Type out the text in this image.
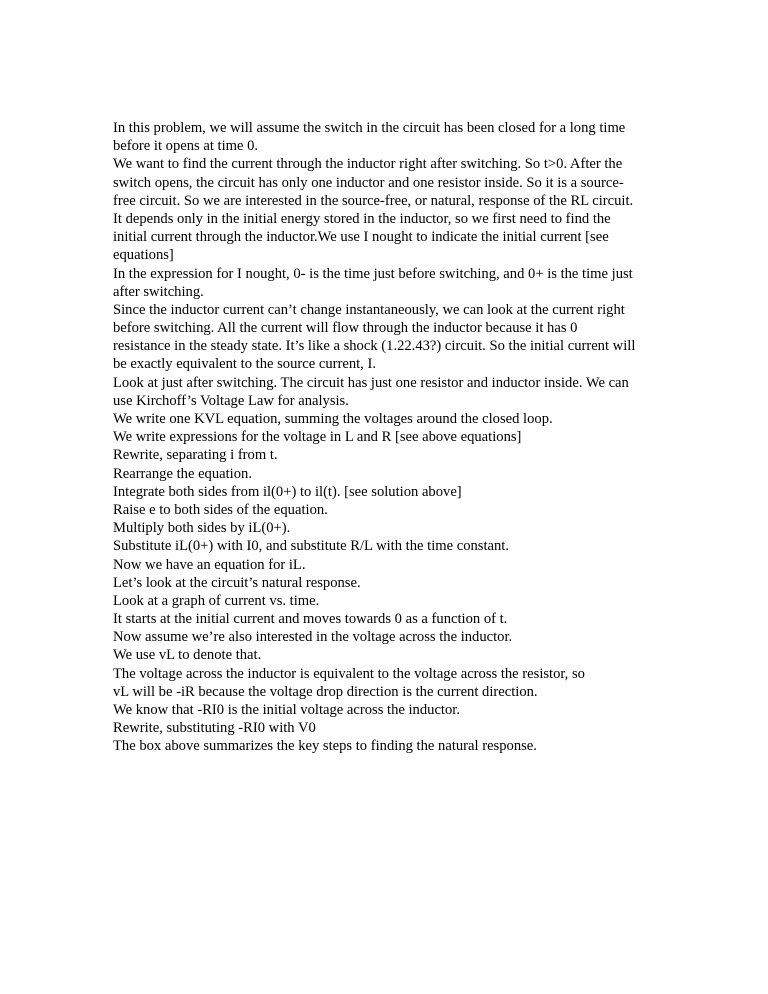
In this problem, we will assume the switch in the circuit has been closed for a long time
before it opens at time 0.
We want to find the current through the inductor right after switching. So t>0. After the
switch opens, the circuit has only one inductor and one resistor inside. So it is a source-
free circuit. So we are interested in the source-free, or natural, response of the RL circuit.
It depends only in the initial energy stored in the inductor, so we first need to find the
initial current through the inductor.We use I nought to indicate the initial current [see
equations]
In the expression for I nought, 0- is the time just before switching, and 0+ is the time just
after switching.
Since the inductor current can’t change instantaneously, we can look at the current right
before switching. All the current will flow through the inductor because it has 0
resistance in the steady state. It’s like a shock (1.22.43?) circuit. So the initial current will
be exactly equivalent to the source current, I.
Look at just after switching. The circuit has just one resistor and inductor inside. We can
use Kirchoff’s Voltage Law for analysis.
We write one KVL equation, summing the voltages around the closed loop.
We write expressions for the voltage in L and R [see above equations]
Rewrite, separating i from t.
Rearrange the equation.
Integrate both sides from il(0+) to il(t). [see solution above]
Raise e to both sides of the equation.
Multiply both sides by iL(0+).
Substitute iL(0+) with I0, and substitute R/L with the time constant.
Now we have an equation for iL.
Let’s look at the circuit’s natural response.
Look at a graph of current vs. time.
It starts at the initial current and moves towards 0 as a function of t.
Now assume we’re also interested in the voltage across the inductor.
We use vL to denote that.
The voltage across the inductor is equivalent to the voltage across the resistor, so
vL will be -iR because the voltage drop direction is the current direction.
We know that -RI0 is the initial voltage across the inductor.
Rewrite, substituting -RI0 with V0
The box above summarizes the key steps to finding the natural response.
